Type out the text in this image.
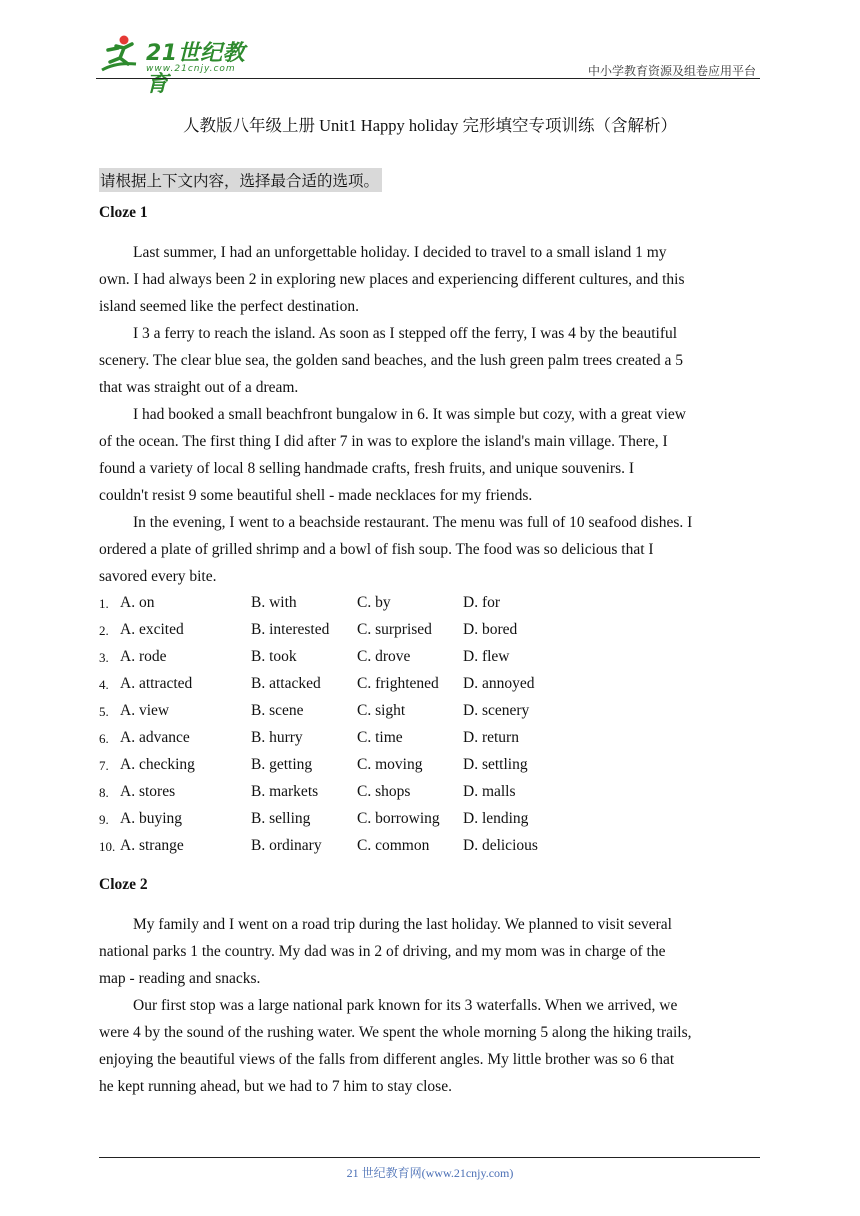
21世纪教育
www.21cnjy.com	中小学教育资源及组卷应用平台
人教版八年级上册 Unit1 Happy holiday 完形填空专项训练（含解析）
请根据上下文内容，选择最合适的选项。
Cloze 1
Last summer, I had an unforgettable holiday. I decided to travel to a small island 1 my
own. I had always been 2 in exploring new places and experiencing different cultures, and this
island seemed like the perfect destination.
I 3 a ferry to reach the island. As soon as I stepped off the ferry, I was 4 by the beautiful
scenery. The clear blue sea, the golden sand beaches, and the lush green palm trees created a 5
that was straight out of a dream.
I had booked a small beachfront bungalow in 6. It was simple but cozy, with a great view
of the ocean. The first thing I did after 7 in was to explore the island's main village. There, I
found a variety of local 8 selling handmade crafts, fresh fruits, and unique souvenirs. I
couldn't resist 9 some beautiful shell - made necklaces for my friends.
In the evening, I went to a beachside restaurant. The menu was full of 10 seafood dishes. I
ordered a plate of grilled shrimp and a bowl of fish soup. The food was so delicious that I
savored every bite.
1. A. on	B. with	C. by	D. for
2. A. excited	B. interested C. surprised D. bored
3. A. rode	B. took	C. drove	D. flew
4. A. attracted	B. attacked C. frightened D. annoyed
5. A. view	B. scene	C. sight	D. scenery
6. A. advance	B. hurry	C. time	D. return
7. A. checking	B. getting	C. moving	D. settling
8. A. stores	B. markets	C. shops	D. malls
9. A. buying	B. selling	C. borrowing D. lending
10. A. strange	B. ordinary C. common D. delicious
Cloze 2
My family and I went on a road trip during the last holiday. We planned to visit several
national parks 1 the country. My dad was in 2 of driving, and my mom was in charge of the
map - reading and snacks.
Our first stop was a large national park known for its 3 waterfalls. When we arrived, we
were 4 by the sound of the rushing water. We spent the whole morning 5 along the hiking trails,
enjoying the beautiful views of the falls from different angles. My little brother was so 6 that
he kept running ahead, but we had to 7 him to stay close.
21 世纪教育网(www.21cnjy.com)
